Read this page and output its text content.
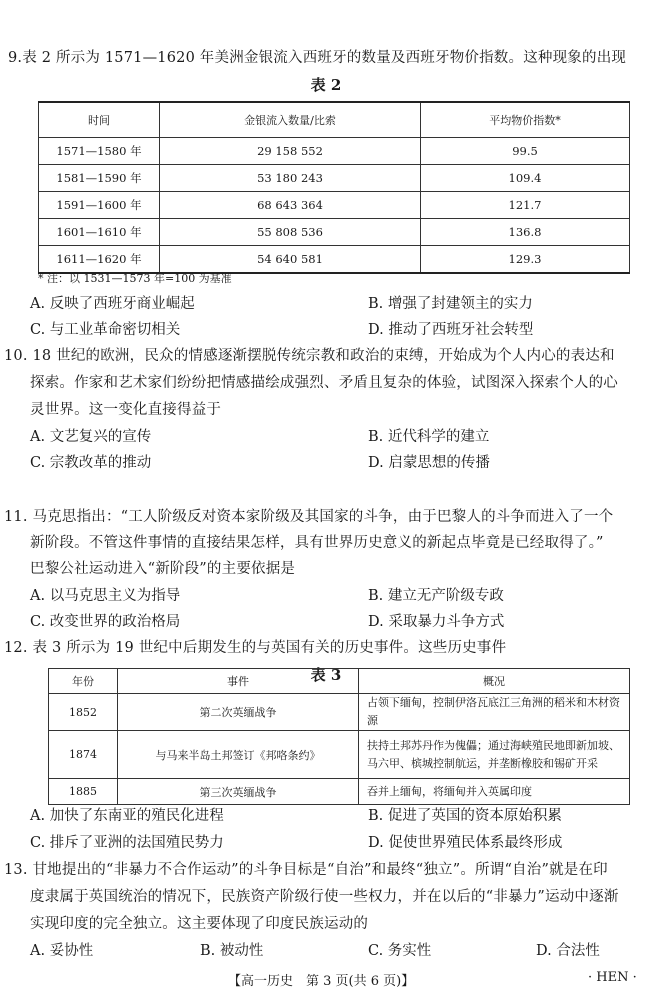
9.表 2 所示为 1571—1620 年美洲金银流入西班牙的数量及西班牙物价指数。这种现象的出现
表 2
时间	金银流入数量/比索	平均物价指数*
1571—1580 年	29 158 552	99.5
1581—1590 年	53 180 243	109.4
1591—1600 年	68 643 364	121.7
1601—1610 年	55 808 536	136.8
1611—1620 年	54 640 581	129.3
* 注：以 1531—1573 年=100 为基准
A. 反映了西班牙商业崛起	B. 增强了封建领主的实力
C. 与工业革命密切相关	D. 推动了西班牙社会转型
10. 18 世纪的欧洲，民众的情感逐渐摆脱传统宗教和政治的束缚，开始成为个人内心的表达和
探索。作家和艺术家们纷纷把情感描绘成强烈、矛盾且复杂的体验，试图深入探索个人的心
灵世界。这一变化直接得益于
A. 文艺复兴的宣传	B. 近代科学的建立
C. 宗教改革的推动	D. 启蒙思想的传播
11. 马克思指出：“工人阶级反对资本家阶级及其国家的斗争，由于巴黎人的斗争而进入了一个
新阶段。不管这件事情的直接结果怎样，具有世界历史意义的新起点毕竟是已经取得了。”
巴黎公社运动进入“新阶段”的主要依据是
A. 以马克思主义为指导	B. 建立无产阶级专政
C. 改变世界的政治格局	D. 采取暴力斗争方式
12. 表 3 所示为 19 世纪中后期发生的与英国有关的历史事件。这些历史事件
表 3
年份	事件	概况
1852	第二次英缅战争	占领下缅甸，控制伊洛瓦底江三角洲的稻米和木材资源
1874	与马来半岛土邦签订《邦咯条约》	扶持土邦苏丹作为傀儡；通过海峡殖民地即新加坡、
马六甲、槟城控制航运，并垄断橡胶和锡矿开采

1885	第三次英缅战争	吞并上缅甸，将缅甸并入英属印度
A. 加快了东南亚的殖民化进程	B. 促进了英国的资本原始积累
C. 排斥了亚洲的法国殖民势力	D. 促使世界殖民体系最终形成
13. 甘地提出的“非暴力不合作运动”的斗争目标是“自治”和最终“独立”。所谓“自治”就是在印
度隶属于英国统治的情况下，民族资产阶级行使一些权力，并在以后的“非暴力”运动中逐渐
实现印度的完全独立。这主要体现了印度民族运动的
A. 妥协性	B. 被动性	C. 务实性	D. 合法性
【高一历史　第 3 页(共 6 页)】	· HEN ·
